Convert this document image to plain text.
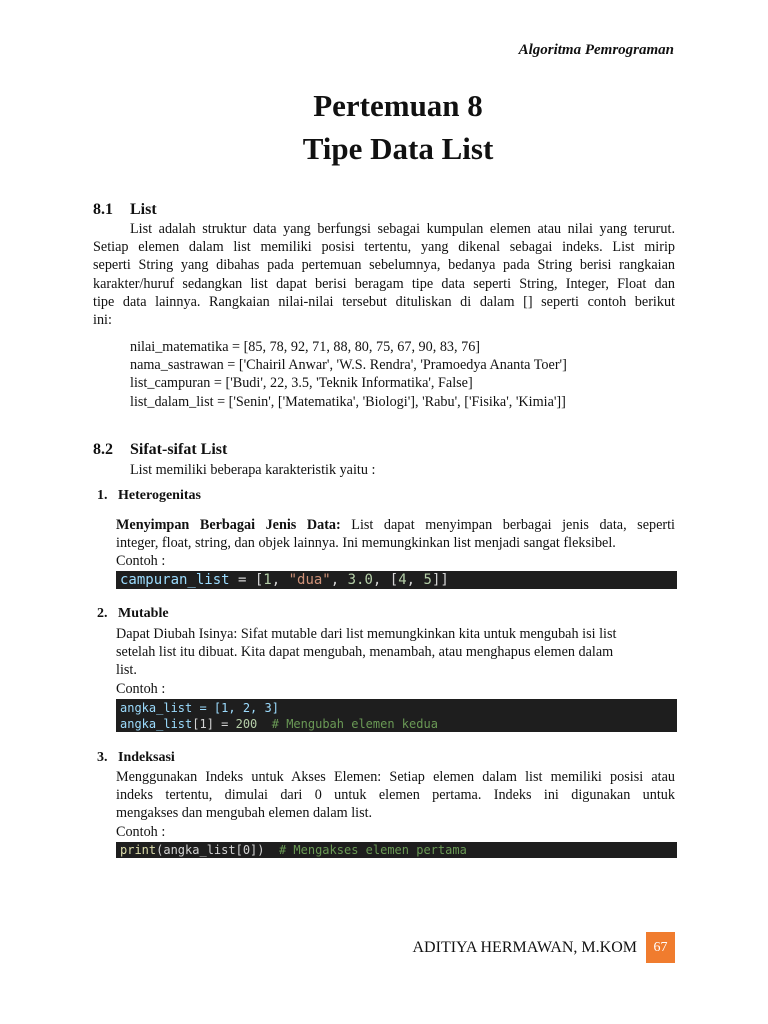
Algoritma Pemrograman
Pertemuan 8
Tipe Data List
8.1 List
List adalah struktur data yang berfungsi sebagai kumpulan elemen atau nilai yang terurut.
Setiap elemen dalam list memiliki posisi tertentu, yang dikenal sebagai indeks. List mirip
seperti String yang dibahas pada pertemuan sebelumnya, bedanya pada String berisi rangkaian
karakter/huruf sedangkan list dapat berisi beragam tipe data seperti String, Integer, Float dan
tipe data lainnya. Rangkaian nilai-nilai tersebut dituliskan di dalam [] seperti contoh berikut
ini:
nilai_matematika = [85, 78, 92, 71, 88, 80, 75, 67, 90, 83, 76]
nama_sastrawan = ['Chairil Anwar', 'W.S. Rendra', 'Pramoedya Ananta Toer']
list_campuran = ['Budi', 22, 3.5, 'Teknik Informatika', False]
list_dalam_list = ['Senin', ['Matematika', 'Biologi'], 'Rabu', ['Fisika', 'Kimia']]
8.2 Sifat-sifat List
List memiliki beberapa karakteristik yaitu :
1.   Heterogenitas
Menyimpan Berbagai Jenis Data: List dapat menyimpan berbagai jenis data, seperti
integer, float, string, dan objek lainnya. Ini memungkinkan list menjadi sangat fleksibel.
Contoh :
campuran_list = [1, "dua", 3.0, [4, 5]]
2.   Mutable
Dapat Diubah Isinya: Sifat mutable dari list memungkinkan kita untuk mengubah isi list
setelah list itu dibuat. Kita dapat mengubah, menambah, atau menghapus elemen dalam
list.
Contoh :
angka_list = [1, 2, 3]
angka_list[1] = 200  # Mengubah elemen kedua
3.   Indeksasi
Menggunakan Indeks untuk Akses Elemen: Setiap elemen dalam list memiliki posisi atau
indeks tertentu, dimulai dari 0 untuk elemen pertama. Indeks ini digunakan untuk
mengakses dan mengubah elemen dalam list.
Contoh :
print(angka_list[0])  # Mengakses elemen pertama
ADITIYA HERMAWAN, M.KOM	67
